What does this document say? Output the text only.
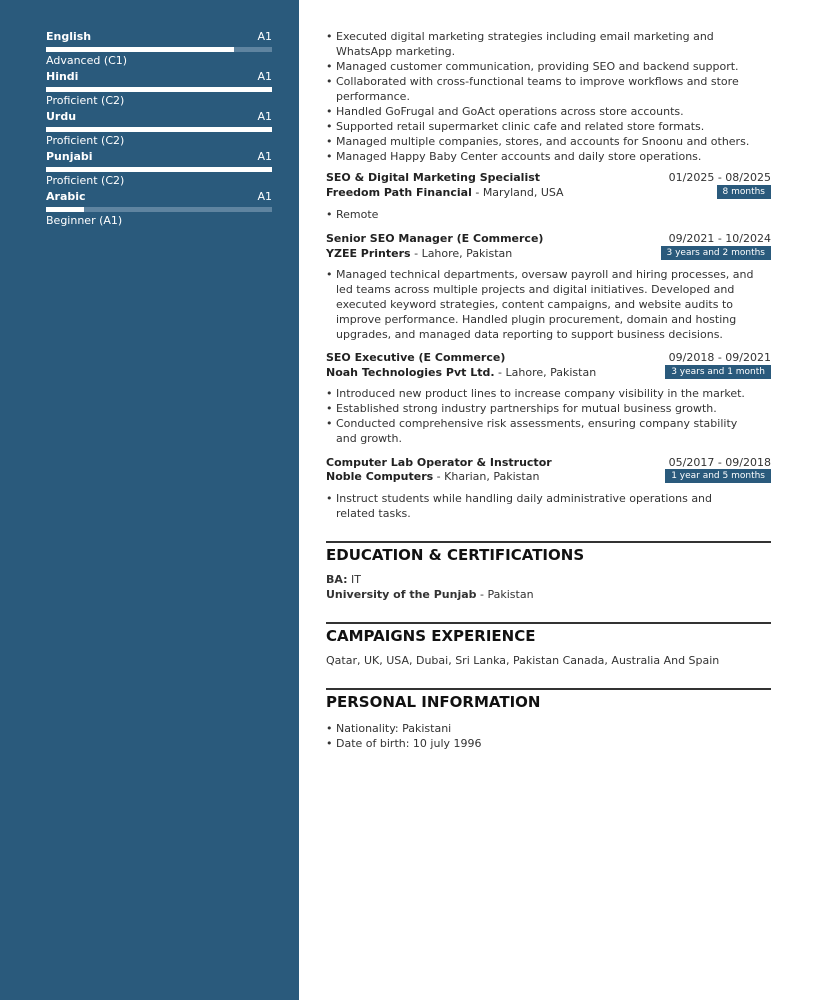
English	A1
Advanced (C1)
Hindi	A1
Proficient (C2)
Urdu	A1
Proficient (C2)
Punjabi	A1
Proficient (C2)
Arabic	A1
Beginner (A1)
• Executed digital marketing strategies including email marketing and
WhatsApp marketing.
• Managed customer communication, providing SEO and backend support.
• Collaborated with cross-functional teams to improve workflows and store
performance.
• Handled GoFrugal and GoAct operations across store accounts.
• Supported retail supermarket clinic cafe and related store formats.
• Managed multiple companies, stores, and accounts for Snoonu and others.
• Managed Happy Baby Center accounts and daily store operations.
SEO & Digital Marketing Specialist	01/2025 - 08/2025
Freedom Path Financial - Maryland, USA	8 months
• Remote
Senior SEO Manager (E Commerce)	09/2021 - 10/2024
YZEE Printers - Lahore, Pakistan	3 years and 2 months
• Managed technical departments, oversaw payroll and hiring processes, and
led teams across multiple projects and digital initiatives. Developed and
executed keyword strategies, content campaigns, and website audits to
improve performance. Handled plugin procurement, domain and hosting
upgrades, and managed data reporting to support business decisions.
SEO Executive (E Commerce)	09/2018 - 09/2021
Noah Technologies Pvt Ltd. - Lahore, Pakistan	3 years and 1 month
• Introduced new product lines to increase company visibility in the market.
• Established strong industry partnerships for mutual business growth.
• Conducted comprehensive risk assessments, ensuring company stability
and growth.
Computer Lab Operator & Instructor	05/2017 - 09/2018
Noble Computers - Kharian, Pakistan	1 year and 5 months
• Instruct students while handling daily administrative operations and
related tasks.
EDUCATION & CERTIFICATIONS
BA: IT
University of the Punjab - Pakistan
CAMPAIGNS EXPERIENCE
Qatar, UK, USA, Dubai, Sri Lanka, Pakistan Canada, Australia And Spain
PERSONAL INFORMATION
• Nationality: Pakistani
• Date of birth: 10 july 1996
